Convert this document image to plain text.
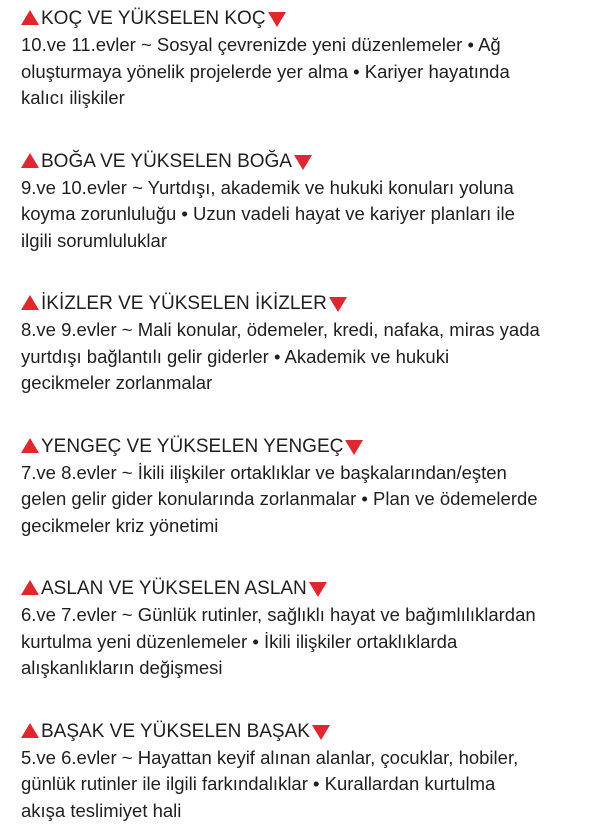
KOÇ VE YÜKSELEN KOÇ

10.ve 11.evler ~ Sosyal çevrenizde yeni düzenlemeler • Ağ
oluşturmaya yönelik projelerde yer alma • Kariyer hayatında
kalıcı ilişkiler

BOĞA VE YÜKSELEN BOĞA

9.ve 10.evler ~ Yurtdışı, akademik ve hukuki konuları yoluna
koyma zorunluluğu • Uzun vadeli hayat ve kariyer planları ile
ilgili sorumluluklar

İKİZLER VE YÜKSELEN İKİZLER

8.ve 9.evler ~ Mali konular, ödemeler, kredi, nafaka, miras yada
yurtdışı bağlantılı gelir giderler • Akademik ve hukuki
gecikmeler zorlanmalar

YENGEÇ VE YÜKSELEN YENGEÇ

7.ve 8.evler ~ İkili ilişkiler ortaklıklar ve başkalarından/eşten
gelen gelir gider konularında zorlanmalar • Plan ve ödemelerde
gecikmeler kriz yönetimi

ASLAN VE YÜKSELEN ASLAN

6.ve 7.evler ~ Günlük rutinler, sağlıklı hayat ve bağımlılıklardan
kurtulma yeni düzenlemeler • İkili ilişkiler ortaklıklarda
alışkanlıkların değişmesi

BAŞAK VE YÜKSELEN BAŞAK

5.ve 6.evler ~ Hayattan keyif alınan alanlar, çocuklar, hobiler,
günlük rutinler ile ilgili farkındalıklar • Kurallardan kurtulma
akışa teslimiyet hali
